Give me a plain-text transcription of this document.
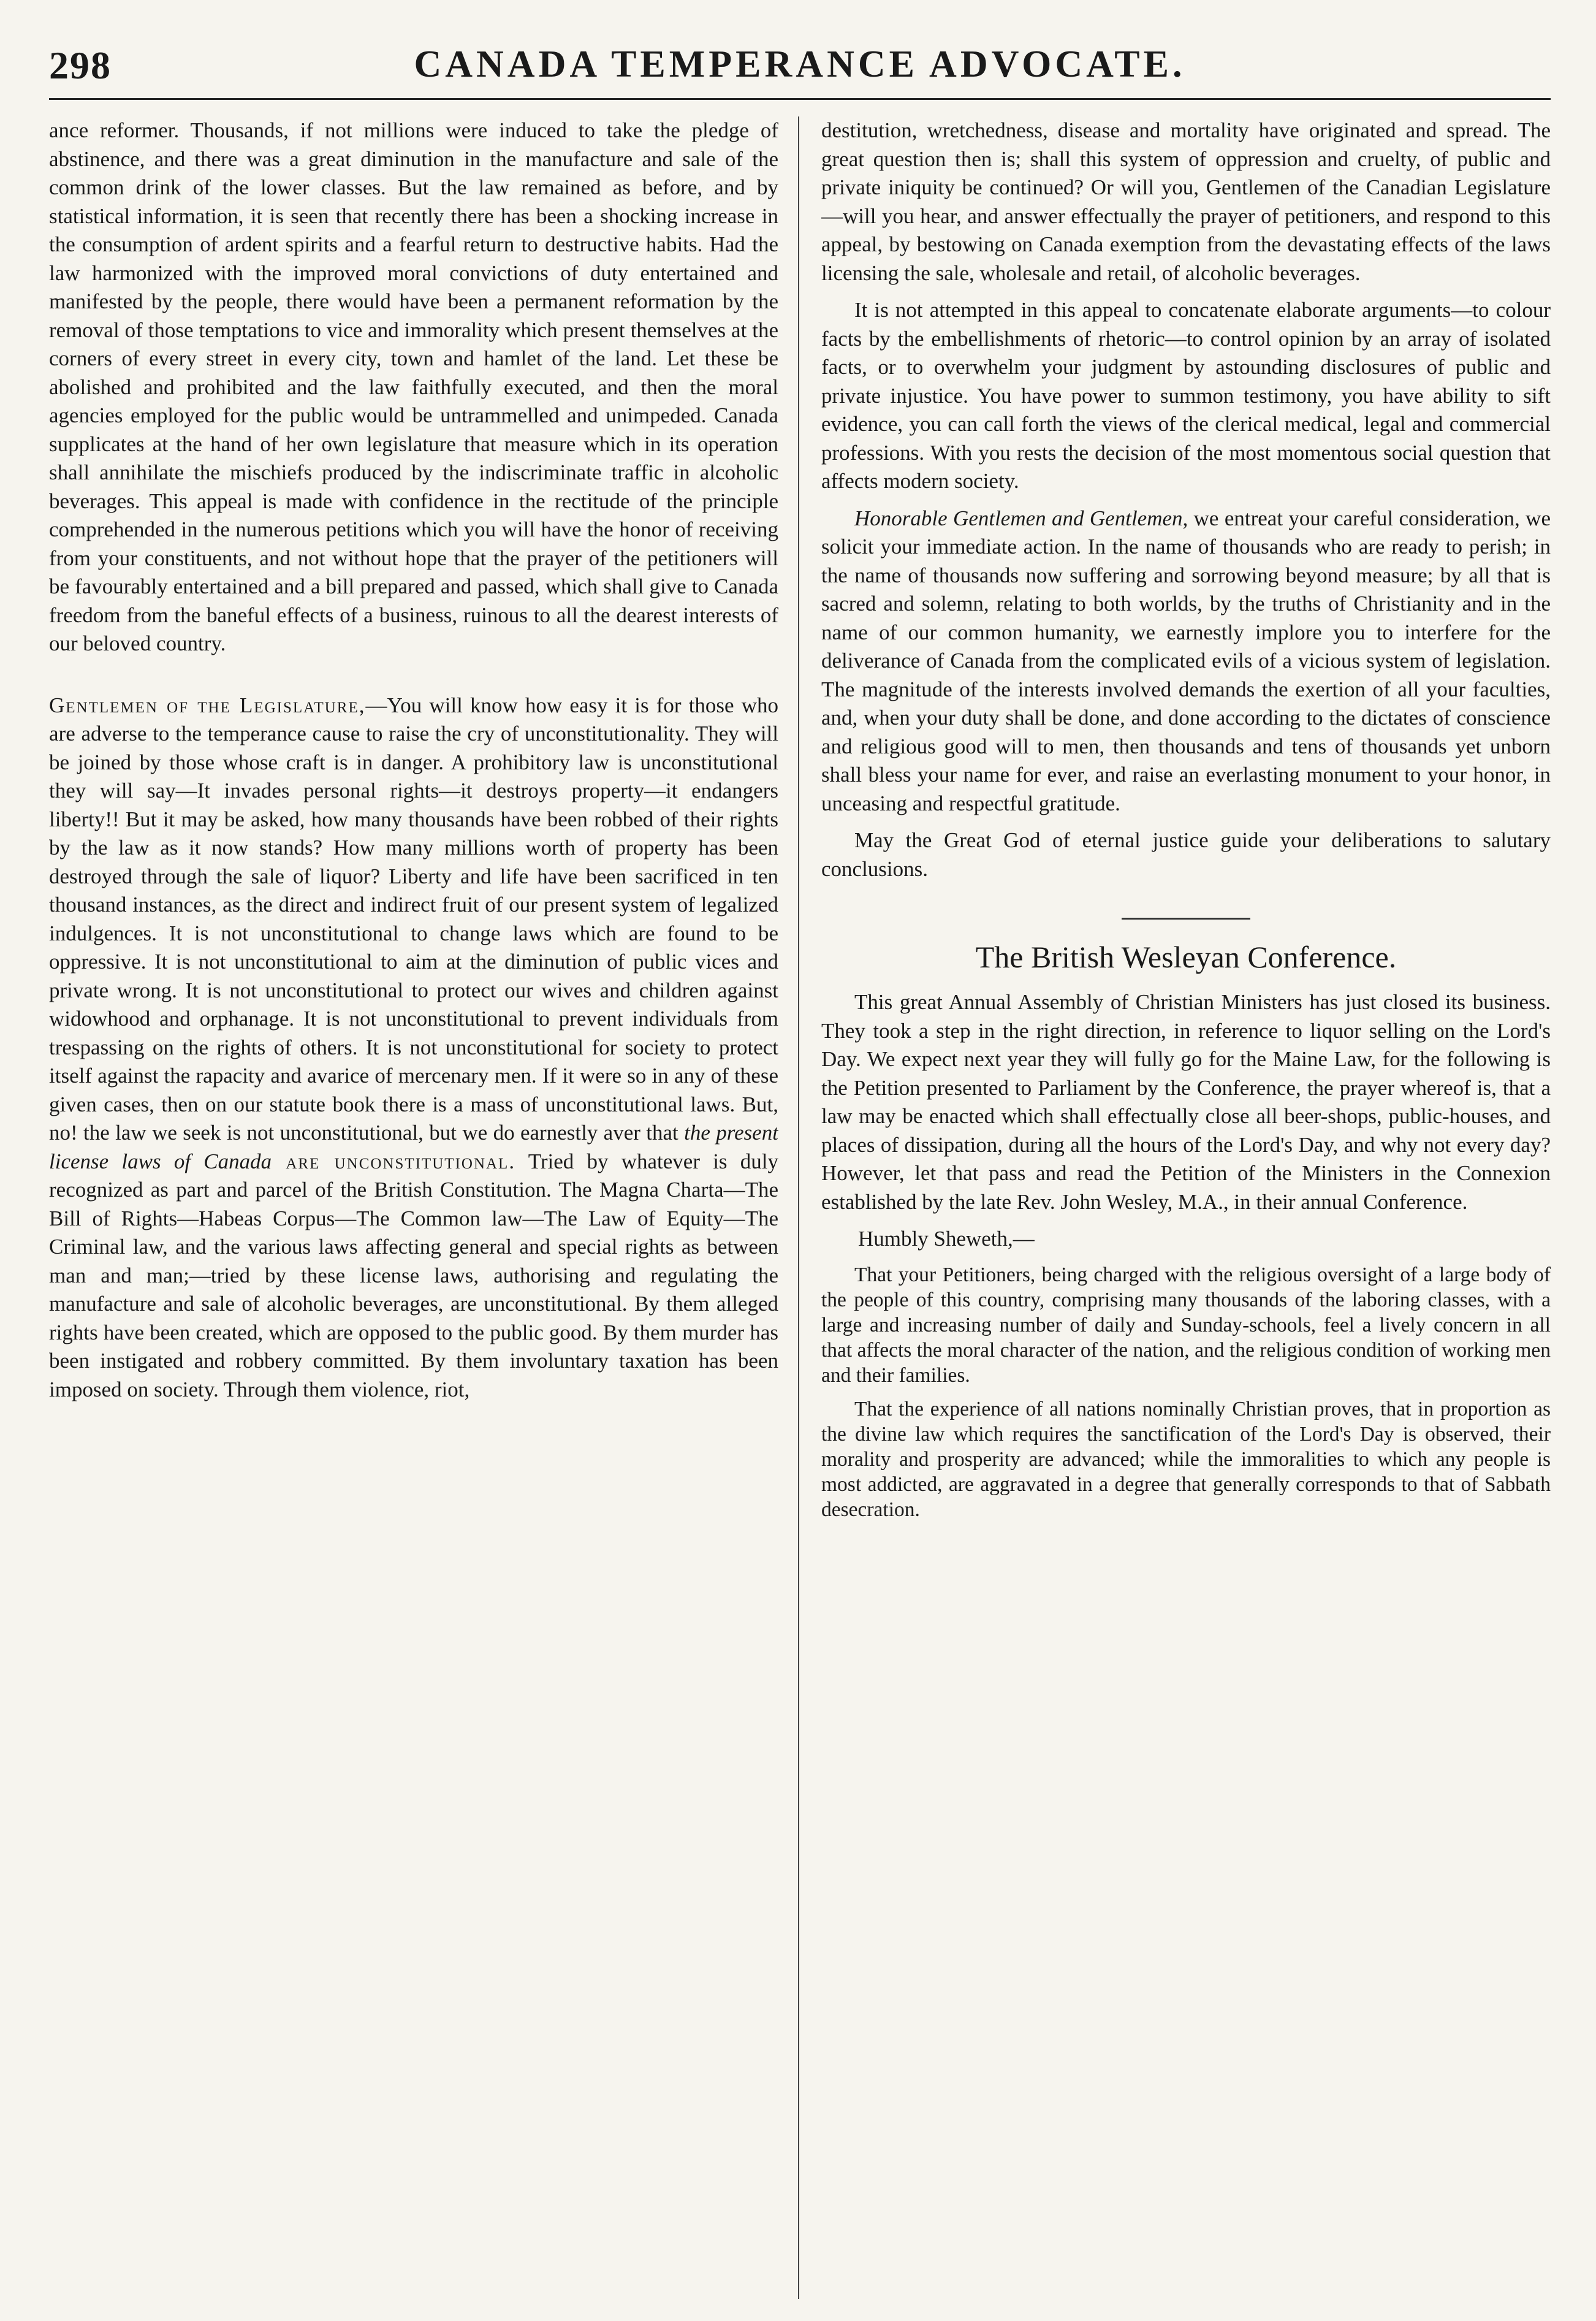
298	CANADA TEMPERANCE ADVOCATE.

ance reformer. Thousands, if not millions were induced to take the pledge of abstinence, and there was a great diminution in the manufacture and sale of the common drink of the lower classes. But the law remained as before, and by statistical information, it is seen that recently there has been a shocking increase in the consumption of ardent spirits and a fearful return to destructive habits. Had the law harmonized with the improved moral convictions of duty entertained and manifested by the people, there would have been a permanent reformation by the removal of those temptations to vice and immorality which present themselves at the corners of every street in every city, town and hamlet of the land. Let these be abolished and prohibited and the law faithfully executed, and then the moral agencies employed for the public would be untrammelled and unimpeded. Canada supplicates at the hand of her own legislature that measure which in its operation shall annihilate the mischiefs produced by the indiscriminate traffic in alcoholic beverages. This appeal is made with confidence in the rectitude of the principle comprehended in the numerous petitions which you will have the honor of receiving from your constituents, and not without hope that the prayer of the petitioners will be favourably entertained and a bill prepared and passed, which shall give to Canada freedom from the baneful effects of a business, ruinous to all the dearest interests of our beloved country.

Gentlemen of the Legislature,—You will know how easy it is for those who are adverse to the temperance cause to raise the cry of unconstitutionality. They will be joined by those whose craft is in danger. A prohibitory law is unconstitutional they will say—It invades personal rights—it destroys property—it endangers liberty!! But it may be asked, how many thousands have been robbed of their rights by the law as it now stands? How many millions worth of property has been destroyed through the sale of liquor? Liberty and life have been sacrificed in ten thousand instances, as the direct and indirect fruit of our present system of legalized indulgences. It is not unconstitutional to change laws which are found to be oppressive. It is not unconstitutional to aim at the diminution of public vices and private wrong. It is not unconstitutional to protect our wives and children against widowhood and orphanage. It is not unconstitutional to prevent individuals from trespassing on the rights of others. It is not unconstitutional for society to protect itself against the rapacity and avarice of mercenary men. If it were so in any of these given cases, then on our statute book there is a mass of unconstitutional laws. But, no! the law we seek is not unconstitutional, but we do earnestly aver that the present license laws of Canada are unconstitutional. Tried by whatever is duly recognized as part and parcel of the British Constitution. The Magna Charta—The Bill of Rights—Habeas Corpus—The Common law—The Law of Equity—The Criminal law, and the various laws affecting general and special rights as between man and man;—tried by these license laws, authorising and regulating the manufacture and sale of alcoholic beverages, are unconstitutional. By them alleged rights have been created, which are opposed to the public good. By them murder has been instigated and robbery committed. By them involuntary taxation has been imposed on society. Through them violence, riot,

destitution, wretchedness, disease and mortality have originated and spread. The great question then is; shall this system of oppression and cruelty, of public and private iniquity be continued? Or will you, Gentlemen of the Canadian Legislature—will you hear, and answer effectually the prayer of petitioners, and respond to this appeal, by bestowing on Canada exemption from the devastating effects of the laws licensing the sale, wholesale and retail, of alcoholic beverages.

It is not attempted in this appeal to concatenate elaborate arguments—to colour facts by the embellishments of rhetoric—to control opinion by an array of isolated facts, or to overwhelm your judgment by astounding disclosures of public and private injustice. You have power to summon testimony, you have ability to sift evidence, you can call forth the views of the clerical medical, legal and commercial professions. With you rests the decision of the most momentous social question that affects modern society.

Honorable Gentlemen and Gentlemen, we entreat your careful consideration, we solicit your immediate action. In the name of thousands who are ready to perish; in the name of thousands now suffering and sorrowing beyond measure; by all that is sacred and solemn, relating to both worlds, by the truths of Christianity and in the name of our common humanity, we earnestly implore you to interfere for the deliverance of Canada from the complicated evils of a vicious system of legislation. The magnitude of the interests involved demands the exertion of all your faculties, and, when your duty shall be done, and done according to the dictates of conscience and religious good will to men, then thousands and tens of thousands yet unborn shall bless your name for ever, and raise an everlasting monument to your honor, in unceasing and respectful gratitude.

May the Great God of eternal justice guide your deliberations to salutary conclusions.

The British Wesleyan Conference.

This great Annual Assembly of Christian Ministers has just closed its business. They took a step in the right direction, in reference to liquor selling on the Lord's Day. We expect next year they will fully go for the Maine Law, for the following is the Petition presented to Parliament by the Conference, the prayer whereof is, that a law may be enacted which shall effectually close all beer-shops, public-houses, and places of dissipation, during all the hours of the Lord's Day, and why not every day? However, let that pass and read the Petition of the Ministers in the Connexion established by the late Rev. John Wesley, M.A., in their annual Conference.

Humbly Sheweth,—

That your Petitioners, being charged with the religious oversight of a large body of the people of this country, comprising many thousands of the laboring classes, with a large and increasing number of daily and Sunday-schools, feel a lively concern in all that affects the moral character of the nation, and the religious condition of working men and their families.

That the experience of all nations nominally Christian proves, that in proportion as the divine law which requires the sanctification of the Lord's Day is observed, their morality and prosperity are advanced; while the immoralities to which any people is most addicted, are aggravated in a degree that generally corresponds to that of Sabbath desecration.
